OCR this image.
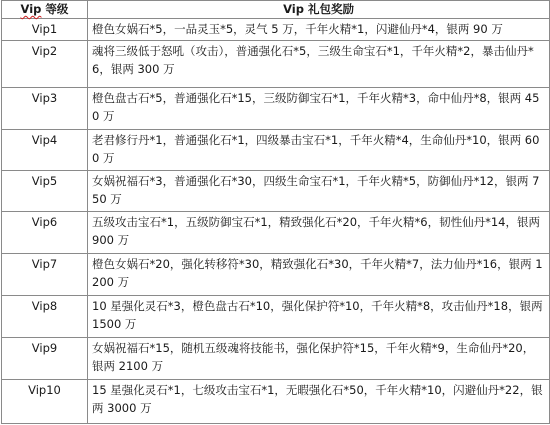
Vip 等级	Vip 礼包奖励
Vip1	橙色女娲石*5，一品灵玉*5，灵气 5 万，千年火精*1，闪避仙丹*4，银两 90 万
Vip2	魂将三级低于怒吼（攻击），普通强化石*5，三级生命宝石*1，千年火精*2，暴击仙丹*6，银两 300 万
Vip3	橙色盘古石*5，普通强化石*15，三级防御宝石*1，千年火精*3，命中仙丹*8，银两 450 万
Vip4	老君修行丹*1，普通强化石*1，四级暴击宝石*1，千年火精*4，生命仙丹*10，银两 600 万
Vip5	女娲祝福石*3，普通强化石*30，四级生命宝石*1，千年火精*5，防御仙丹*12，银两 750 万
Vip6	五级攻击宝石*1，五级防御宝石*1，精致强化石*20，千年火精*6，韧性仙丹*14，银两 900 万
Vip7	橙色女娲石*20，强化转移符*30，精致强化石*30，千年火精*7，法力仙丹*16，银两 1200 万
Vip8	10 星强化灵石*3，橙色盘古石*10，强化保护符*10，千年火精*8，攻击仙丹*18，银两 1500 万
Vip9	女娲祝福石*15，随机五级魂将技能书，强化保护符*15，千年火精*9，生命仙丹*20，银两 2100 万
Vip10	15 星强化灵石*1，七级攻击宝石*1，无暇强化石*50，千年火精*10，闪避仙丹*22，银两 3000 万
